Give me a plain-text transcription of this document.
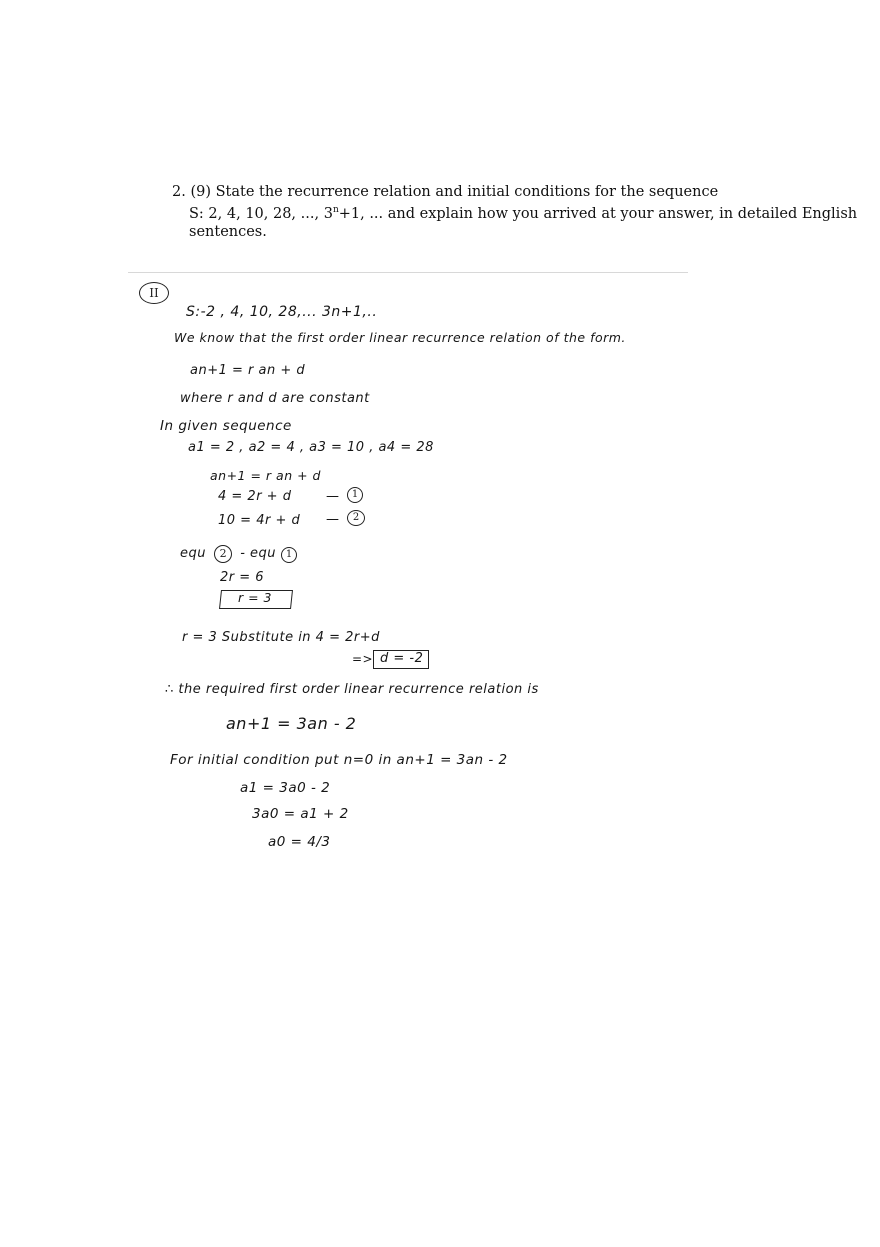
2. (9) State the recurrence relation and initial conditions for the sequence
S: 2, 4, 10, 28, ..., $3^n+1$, ... and explain how you arrived at your answer, in detailed English
sentences.
II
S:-2 , 4, 10, 28,... 3n+1,..
We know that the first order linear recurrence relation of the form.
an+1 = r an + d
where r and d are constant
In given sequence
a1 = 2 , a2 = 4 , a3 = 10 , a4 = 28
an+1 = r an + d
4 = 2r + d	—	1
10 = 4r + d —	2
equ 2 - equ 1
2r = 6
r = 3
r = 3 Substitute in 4 = 2r+d
=> d = -2
∴ the required first order linear recurrence relation is
an+1 = 3an - 2
For initial condition put n=0 in an+1 = 3an - 2
a1 = 3a0 - 2
3a0 = a1 + 2
a0 = 4/3
